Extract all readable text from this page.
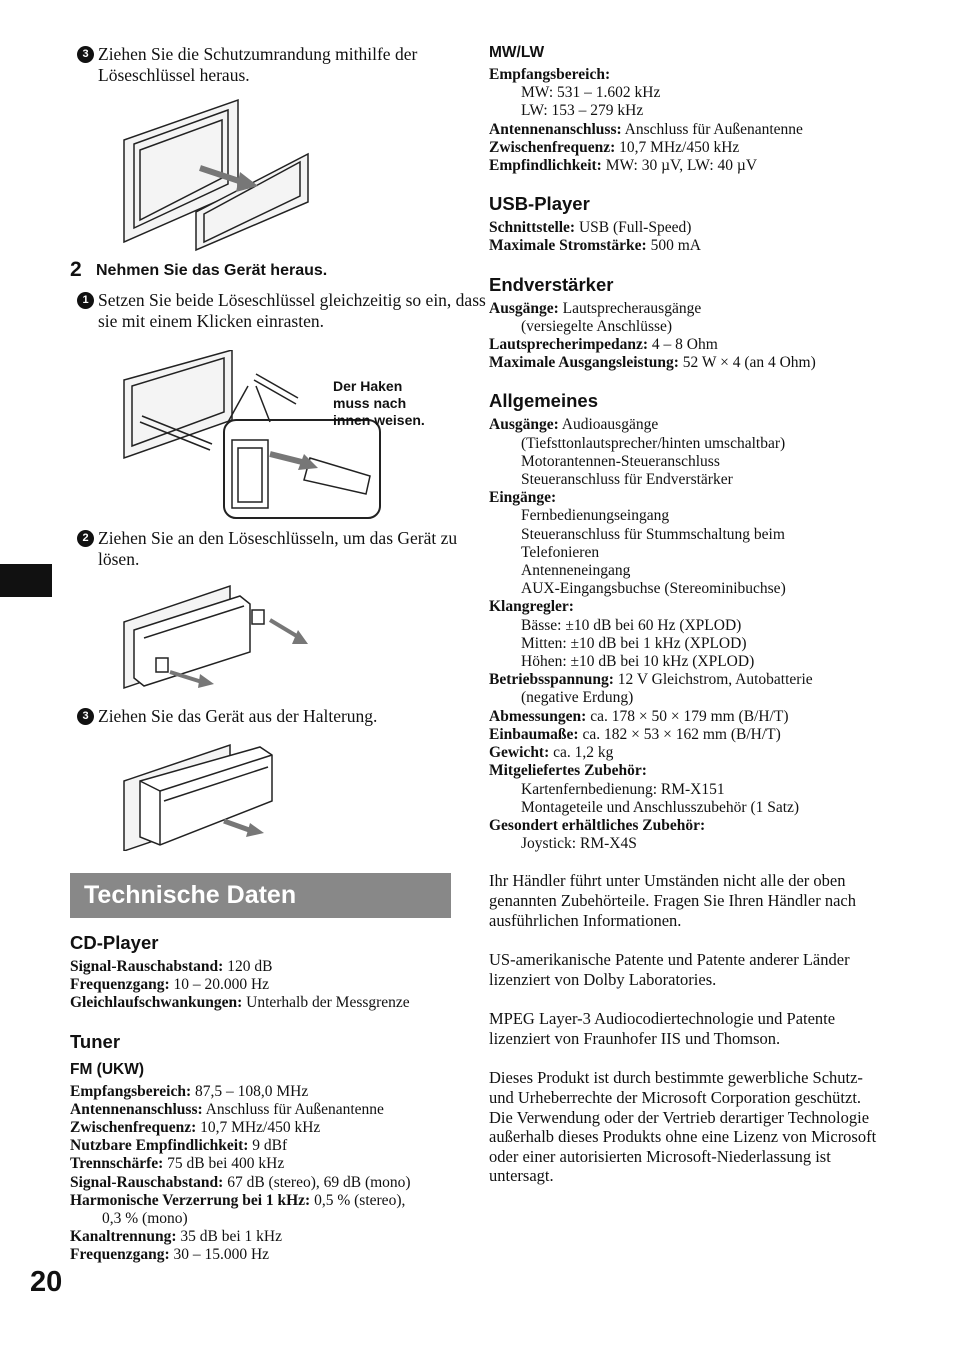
3 Ziehen Sie die Schutzumrandung mithilfe der Löseschlüssel heraus.
2 Nehmen Sie das Gerät heraus.
1 Setzen Sie beide Löseschlüssel gleichzeitig so ein, dass sie mit einem Klicken einrasten.
Der Haken
muss nach
innen weisen.
2 Ziehen Sie an den Löseschlüsseln, um das Gerät zu lösen.
3 Ziehen Sie das Gerät aus der Halterung.
Technische Daten
CD-Player
Signal-Rauschabstand: 120 dB
Frequenzgang: 10 – 20.000 Hz
Gleichlaufschwankungen: Unterhalb der Messgrenze
Tuner
FM (UKW)
Empfangsbereich: 87,5 – 108,0 MHz
Antennenanschluss: Anschluss für Außenantenne
Zwischenfrequenz: 10,7 MHz/450 kHz
Nutzbare Empfindlichkeit: 9 dBf
Trennschärfe: 75 dB bei 400 kHz
Signal-Rauschabstand: 67 dB (stereo), 69 dB (mono)
Harmonische Verzerrung bei 1 kHz: 0,5 % (stereo),
0,3 % (mono)
Kanaltrennung: 35 dB bei 1 kHz
Frequenzgang: 30 – 15.000 Hz
20
MW/LW
Empfangsbereich:
MW: 531 – 1.602 kHz
LW: 153 – 279 kHz
Antennenanschluss: Anschluss für Außenantenne
Zwischenfrequenz: 10,7 MHz/450 kHz
Empfindlichkeit: MW: 30 µV, LW: 40 µV
USB-Player
Schnittstelle: USB (Full-Speed)
Maximale Stromstärke: 500 mA
Endverstärker
Ausgänge: Lautsprecherausgänge
(versiegelte Anschlüsse)
Lautsprecherimpedanz: 4 – 8 Ohm
Maximale Ausgangsleistung: 52 W × 4 (an 4 Ohm)
Allgemeines
Ausgänge: Audioausgänge
(Tiefsttonlautsprecher/hinten umschaltbar)
Motorantennen-Steueranschluss
Steueranschluss für Endverstärker
Eingänge:
Fernbedienungseingang
Steueranschluss für Stummschaltung beim
Telefonieren
Antenneneingang
AUX-Eingangsbuchse (Stereominibuchse)
Klangregler:
Bässe: ±10 dB bei 60 Hz (XPLOD)
Mitten: ±10 dB bei 1 kHz (XPLOD)
Höhen: ±10 dB bei 10 kHz (XPLOD)
Betriebsspannung: 12 V Gleichstrom, Autobatterie
(negative Erdung)
Abmessungen: ca. 178 × 50 × 179 mm (B/H/T)
Einbaumaße: ca. 182 × 53 × 162 mm (B/H/T)
Gewicht: ca. 1,2 kg
Mitgeliefertes Zubehör:
Kartenfernbedienung: RM-X151
Montageteile und Anschlusszubehör (1 Satz)
Gesondert erhältliches Zubehör:
Joystick: RM-X4S

Ihr Händler führt unter Umständen nicht alle der oben genannten Zubehörteile. Fragen Sie Ihren Händler nach ausführlichen Informationen.

US-amerikanische Patente und Patente anderer Länder lizenziert von Dolby Laboratories.

MPEG Layer-3 Audiocodiertechnologie und Patente lizenziert von Fraunhofer IIS und Thomson.

Dieses Produkt ist durch bestimmte gewerbliche Schutz- und Urheberrechte der Microsoft Corporation geschützt. Die Verwendung oder der Vertrieb derartiger Technologie außerhalb dieses Produkts ohne eine Lizenz von Microsoft oder einer autorisierten Microsoft-Niederlassung ist untersagt.
